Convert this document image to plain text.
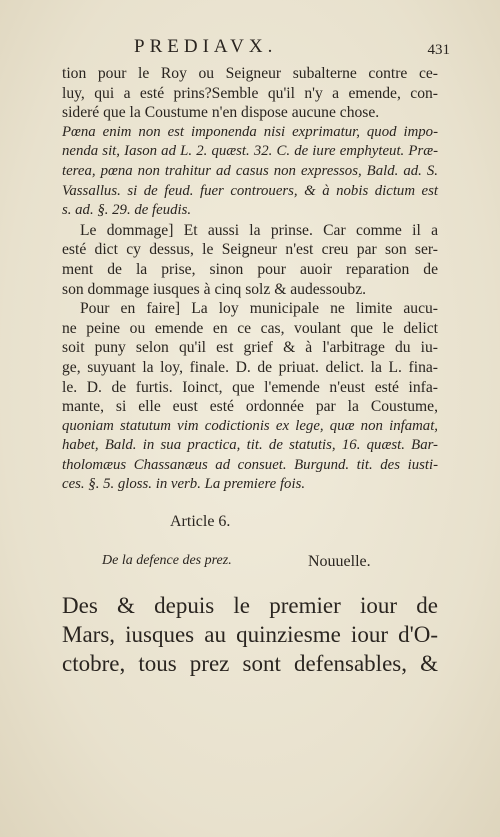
PREDIAVX.	431
tion pour le Roy ou Seigneur subalterne contre ce-
luy, qui a esté prins?Semble qu'il n'y a emende, con-
sideré que la Coustume n'en dispose aucune chose.
Pœna enim non est imponenda nisi exprimatur, quod impo-
nenda sit, Iason ad L. 2. quæst. 32. C. de iure emphyteut. Præ-
terea, pœna non trahitur ad casus non expressos, Bald. ad. S.
Vassallus. si de feud. fuer controuers, & à nobis dictum est
s. ad. §. 29. de feudis.
Le dommage] Et aussi la prinse. Car comme il a
esté dict cy dessus, le Seigneur n'est creu par son ser-
ment de la prise, sinon pour auoir reparation de
son dommage iusques à cinq solz & audessoubz.
Pour en faire] La loy municipale ne limite aucu-
ne peine ou emende en ce cas, voulant que le delict
soit puny selon qu'il est grief & à l'arbitrage du iu-
ge, suyuant la loy, finale. D. de priuat. delict. la L. fina-
le. D. de furtis. Ioinct, que l'emende n'eust esté infa-
mante, si elle eust esté ordonnée par la Coustume,
quoniam statutum vim codictionis ex lege, quæ non infamat,
habet, Bald. in sua practica, tit. de statutis, 16. quæst. Bar-
tholomæus Chassanæus ad consuet. Burgund. tit. des iusti-
ces. §. 5. gloss. in verb. La premiere fois.
Article 6.
De la defence des prez.	Nouuelle.
Des & depuis le premier iour de
Mars, iusques au quinziesme iour d'O-
ctobre, tous prez sont defensables, &
